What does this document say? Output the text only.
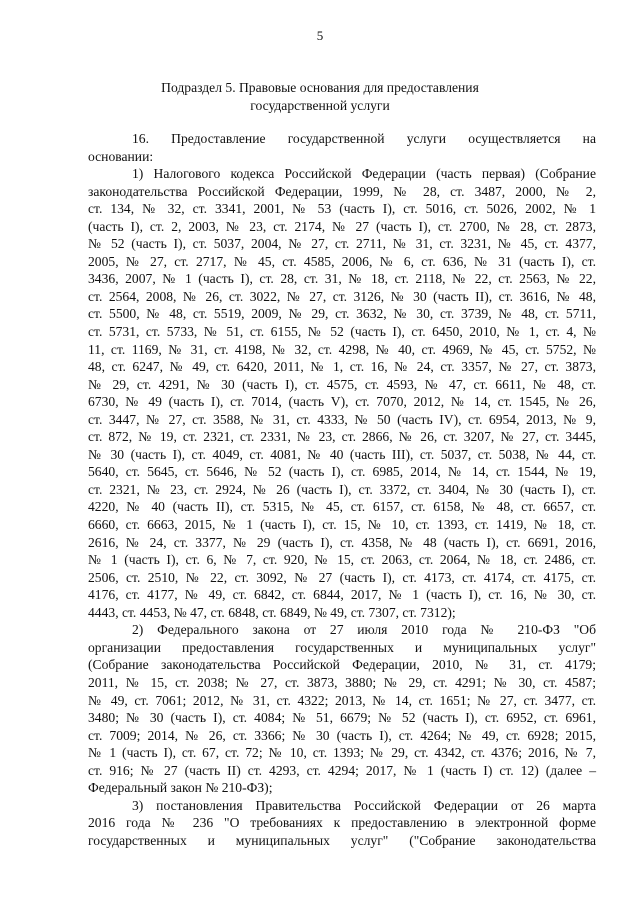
5
Подраздел 5. Правовые основания для предоставления
государственной услуги
16. Предоставление государственной услуги осуществляется на
основании:
1) Налогового кодекса Российской Федерации (часть первая) (Собрание
законодательства Российской Федерации, 1999, № 28, ст. 3487, 2000, № 2,
ст. 134, № 32, ст. 3341, 2001, № 53 (часть I), ст. 5016, ст. 5026, 2002, № 1
(часть I), ст. 2, 2003, № 23, ст. 2174, № 27 (часть I), ст. 2700, № 28, ст. 2873,
№ 52 (часть I), ст. 5037, 2004, № 27, ст. 2711, № 31, ст. 3231, № 45, ст. 4377,
2005, № 27, ст. 2717, № 45, ст. 4585, 2006, № 6, ст. 636, № 31 (часть I), ст.
3436, 2007, № 1 (часть I), ст. 28, ст. 31, № 18, ст. 2118, № 22, ст. 2563, № 22,
ст. 2564, 2008, № 26, ст. 3022, № 27, ст. 3126, № 30 (часть II), ст. 3616, № 48,
ст. 5500, № 48, ст. 5519, 2009, № 29, ст. 3632, № 30, ст. 3739, № 48, ст. 5711,
ст. 5731, ст. 5733, № 51, ст. 6155, № 52 (часть I), ст. 6450, 2010, № 1, ст. 4, №
11, ст. 1169, № 31, ст. 4198, № 32, ст. 4298, № 40, ст. 4969, № 45, ст. 5752, №
48, ст. 6247, № 49, ст. 6420, 2011, № 1, ст. 16, № 24, ст. 3357, № 27, ст. 3873,
№ 29, ст. 4291, № 30 (часть I), ст. 4575, ст. 4593, № 47, ст. 6611, № 48, ст.
6730, № 49 (часть I), ст. 7014, (часть V), ст. 7070, 2012, № 14, ст. 1545, № 26,
ст. 3447, № 27, ст. 3588, № 31, ст. 4333, № 50 (часть IV), ст. 6954, 2013, № 9,
ст. 872, № 19, ст. 2321, ст. 2331, № 23, ст. 2866, № 26, ст. 3207, № 27, ст. 3445,
№ 30 (часть I), ст. 4049, ст. 4081, № 40 (часть III), ст. 5037, ст. 5038, № 44, ст.
5640, ст. 5645, ст. 5646, № 52 (часть I), ст. 6985, 2014, № 14, ст. 1544, № 19,
ст. 2321, № 23, ст. 2924, № 26 (часть I), ст. 3372, ст. 3404, № 30 (часть I), ст.
4220, № 40 (часть II), ст. 5315, № 45, ст. 6157, ст. 6158, № 48, ст. 6657, ст.
6660, ст. 6663, 2015, № 1 (часть I), ст. 15, № 10, ст. 1393, ст. 1419, № 18, ст.
2616, № 24, ст. 3377, № 29 (часть I), ст. 4358, № 48 (часть I), ст. 6691, 2016,
№ 1 (часть I), ст. 6, № 7, ст. 920, № 15, ст. 2063, ст. 2064, № 18, ст. 2486, ст.
2506, ст. 2510, № 22, ст. 3092, № 27 (часть I), ст. 4173, ст. 4174, ст. 4175, ст.
4176, ст. 4177, № 49, ст. 6842, ст. 6844, 2017, № 1 (часть I), ст. 16, № 30, ст.
4443, ст. 4453, № 47, ст. 6848, ст. 6849, № 49, ст. 7307, ст. 7312);
2) Федерального закона от 27 июля 2010 года № 210-ФЗ "Об
организации предоставления государственных и муниципальных услуг"
(Собрание законодательства Российской Федерации, 2010, № 31, ст. 4179;
2011, № 15, ст. 2038; № 27, ст. 3873, 3880; № 29, ст. 4291; № 30, ст. 4587;
№ 49, ст. 7061; 2012, № 31, ст. 4322; 2013, № 14, ст. 1651; № 27, ст. 3477, ст.
3480; № 30 (часть I), ст. 4084; № 51, 6679; № 52 (часть I), ст. 6952, ст. 6961,
ст. 7009; 2014, № 26, ст. 3366; № 30 (часть I), ст. 4264; № 49, ст. 6928; 2015,
№ 1 (часть I), ст. 67, ст. 72; № 10, ст. 1393; № 29, ст. 4342, ст. 4376; 2016, № 7,
ст. 916; № 27 (часть II) ст. 4293, ст. 4294; 2017, № 1 (часть I) ст. 12) (далее –
Федеральный закон № 210-ФЗ);
3) постановления Правительства Российской Федерации от 26 марта
2016 года № 236 "О требованиях к предоставлению в электронной форме
государственных и муниципальных услуг" ("Собрание законодательства
